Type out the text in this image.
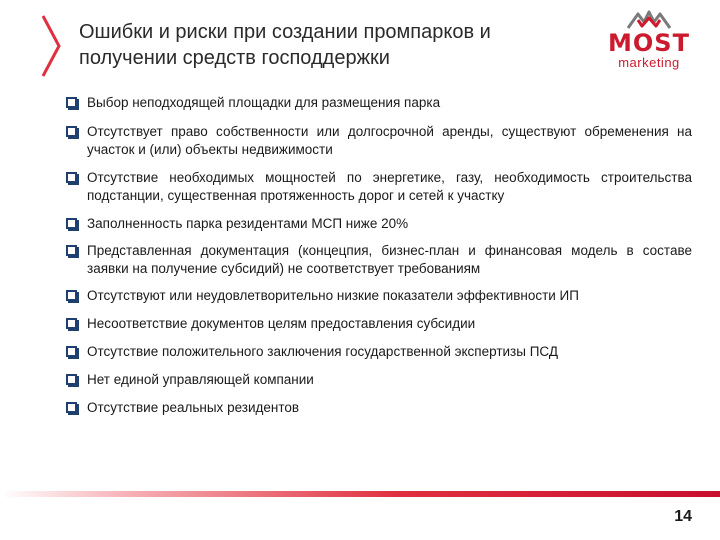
Ошибки и риски при создании промпарков и получении средств господдержки
MOST
marketing
Выбор неподходящей площадки для размещения парка
Отсутствует право собственности или долгосрочной аренды, существуют обременения на участок и (или) объекты недвижимости
Отсутствие необходимых мощностей по энергетике, газу, необходимость строительства подстанции, существенная протяженность дорог и сетей к участку
Заполненность парка резидентами МСП ниже 20%
Представленная документация (концецпия, бизнес-план и финансовая модель в составе заявки на получение субсидий) не соответствует требованиям
Отсутствуют или неудовлетворительно низкие показатели эффективности ИП
Несоответствие документов целям предоставления субсидии
Отсутствие положительного заключения государственной экспертизы ПСД
Нет единой управляющей компании
Отсутствие реальных резидентов
14
